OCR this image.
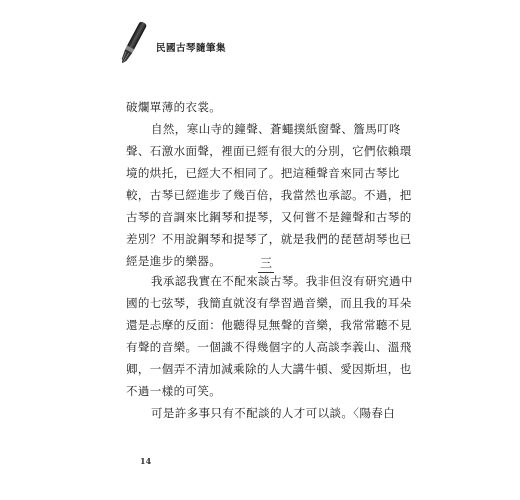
民國古琴隨筆集
破爛單薄的衣裳。
自然，寒山寺的鐘聲、蒼蠅撲紙窗聲、簷馬叮咚
聲、石激水面聲，裡面已經有很大的分別，它們依賴環
境的烘托，已經大不相同了。把這種聲音來同古琴比
較，古琴已經進步了幾百倍，我當然也承認。不過，把
古琴的音調來比鋼琴和提琴，又何嘗不是鐘聲和古琴的
差別？不用說鋼琴和提琴了，就是我們的琵琶胡琴也已
經是進步的樂器。	三
我承認我實在不配來談古琴。我非但沒有研究過中
國的七弦琴，我簡直就沒有學習過音樂，而且我的耳朵
還是忐摩的反面：他聽得見無聲的音樂，我常常聽不見
有聲的音樂。一個識不得幾個字的人高談李義山、溫飛
卿，一個弄不清加減乘除的人大講牛頓、愛因斯坦，也
不過一樣的可笑。
可是許多事只有不配談的人才可以談。〈陽春白
14
